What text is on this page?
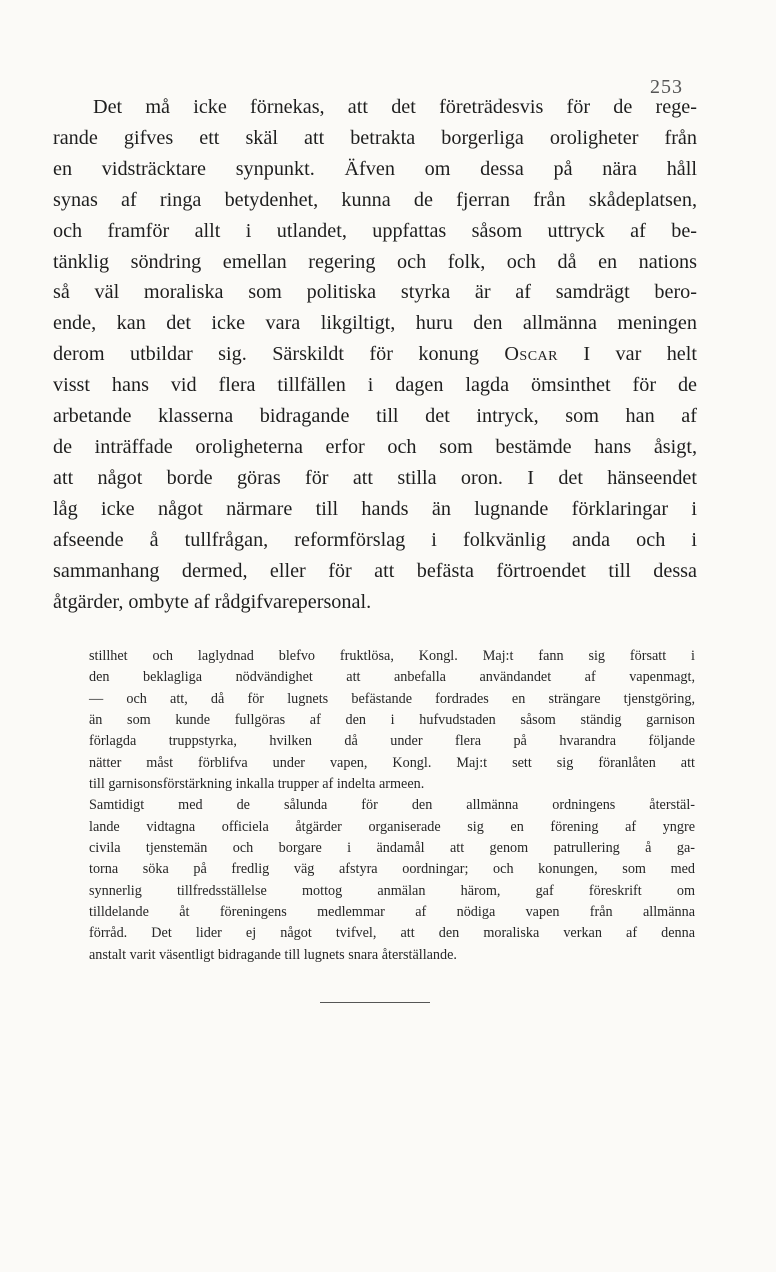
253
Det må icke förnekas, att det företrädesvis för de rege-
rande gifves ett skäl att betrakta borgerliga oroligheter från
en vidsträcktare synpunkt. Äfven om dessa på nära håll
synas af ringa betydenhet, kunna de fjerran från skådeplatsen,
och framför allt i utlandet, uppfattas såsom uttryck af be-
tänklig söndring emellan regering och folk, och då en nations
så väl moraliska som politiska styrka är af samdrägt bero-
ende, kan det icke vara likgiltigt, huru den allmänna meningen
derom utbildar sig. Särskildt för konung Oscar I var helt
visst hans vid flera tillfällen i dagen lagda ömsinthet för de
arbetande klasserna bidragande till det intryck, som han af
de inträffade oroligheterna erfor och som bestämde hans åsigt,
att något borde göras för att stilla oron. I det hänseendet
låg icke något närmare till hands än lugnande förklaringar i
afseende å tullfrågan, reformförslag i folkvänlig anda och i
sammanhang dermed, eller för att befästa förtroendet till dessa
åtgärder, ombyte af rådgifvarepersonal.
stillhet och laglydnad blefvo fruktlösa, Kongl. Maj:t fann sig försatt i
den beklagliga nödvändighet att anbefalla användandet af vapenmagt,
— och att, då för lugnets befästande fordrades en strängare tjenstgöring,
än som kunde fullgöras af den i hufvudstaden såsom ständig garnison
förlagda truppstyrka, hvilken då under flera på hvarandra följande
nätter måst förblifva under vapen, Kongl. Maj:t sett sig föranlåten att
till garnisonsförstärkning inkalla trupper af indelta armeen.
Samtidigt med de sålunda för den allmänna ordningens återstäl-
lande vidtagna officiela åtgärder organiserade sig en förening af yngre
civila tjenstemän och borgare i ändamål att genom patrullering å ga-
torna söka på fredlig väg afstyra oordningar; och konungen, som med
synnerlig tillfredsställelse mottog anmälan härom, gaf föreskrift om
tilldelande åt föreningens medlemmar af nödiga vapen från allmänna
förråd. Det lider ej något tvifvel, att den moraliska verkan af denna
anstalt varit väsentligt bidragande till lugnets snara återställande.
